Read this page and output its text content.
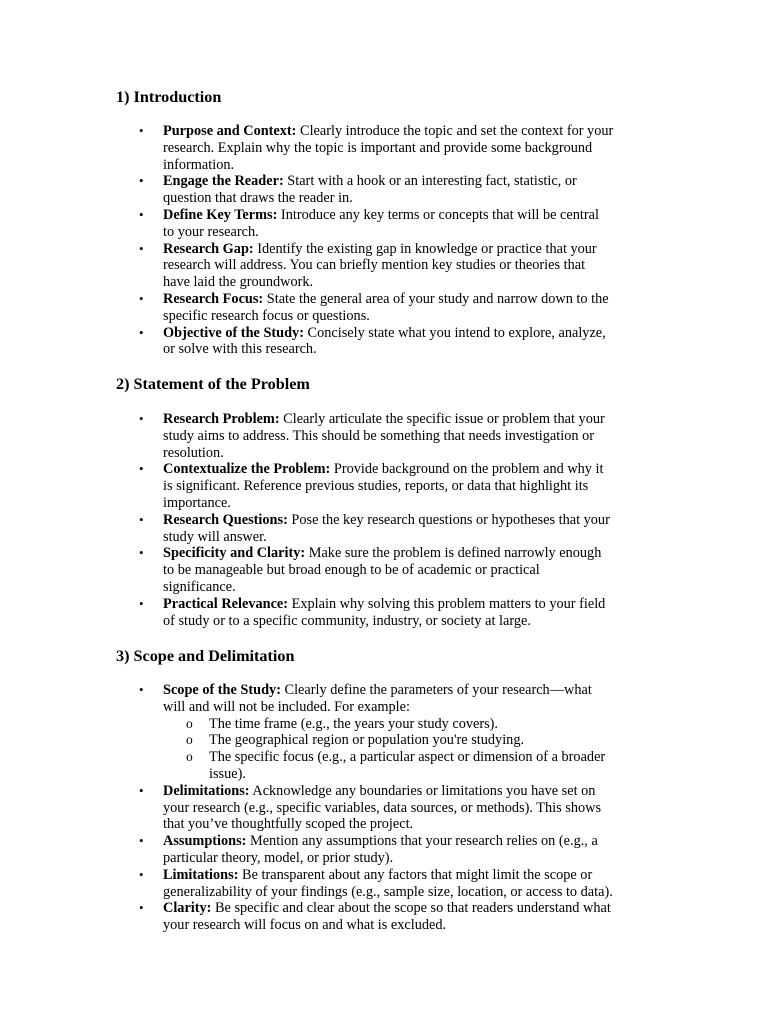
1) Introduction
• Purpose and Context: Clearly introduce the topic and set the context for your
research. Explain why the topic is important and provide some background
information.
• Engage the Reader: Start with a hook or an interesting fact, statistic, or
question that draws the reader in.
• Define Key Terms: Introduce any key terms or concepts that will be central
to your research.
• Research Gap: Identify the existing gap in knowledge or practice that your
research will address. You can briefly mention key studies or theories that
have laid the groundwork.
• Research Focus: State the general area of your study and narrow down to the
specific research focus or questions.
• Objective of the Study: Concisely state what you intend to explore, analyze,
or solve with this research.
2) Statement of the Problem
• Research Problem: Clearly articulate the specific issue or problem that your
study aims to address. This should be something that needs investigation or
resolution.
• Contextualize the Problem: Provide background on the problem and why it
is significant. Reference previous studies, reports, or data that highlight its
importance.
• Research Questions: Pose the key research questions or hypotheses that your
study will answer.
• Specificity and Clarity: Make sure the problem is defined narrowly enough
to be manageable but broad enough to be of academic or practical
significance.
• Practical Relevance: Explain why solving this problem matters to your field
of study or to a specific community, industry, or society at large.
3) Scope and Delimitation
• Scope of the Study: Clearly define the parameters of your research—what
will and will not be included. For example:
o The time frame (e.g., the years your study covers).
o The geographical region or population you're studying.
o The specific focus (e.g., a particular aspect or dimension of a broader
issue).
• Delimitations: Acknowledge any boundaries or limitations you have set on
your research (e.g., specific variables, data sources, or methods). This shows
that you’ve thoughtfully scoped the project.
• Assumptions: Mention any assumptions that your research relies on (e.g., a
particular theory, model, or prior study).
• Limitations: Be transparent about any factors that might limit the scope or
generalizability of your findings (e.g., sample size, location, or access to data).
• Clarity: Be specific and clear about the scope so that readers understand what
your research will focus on and what is excluded.
